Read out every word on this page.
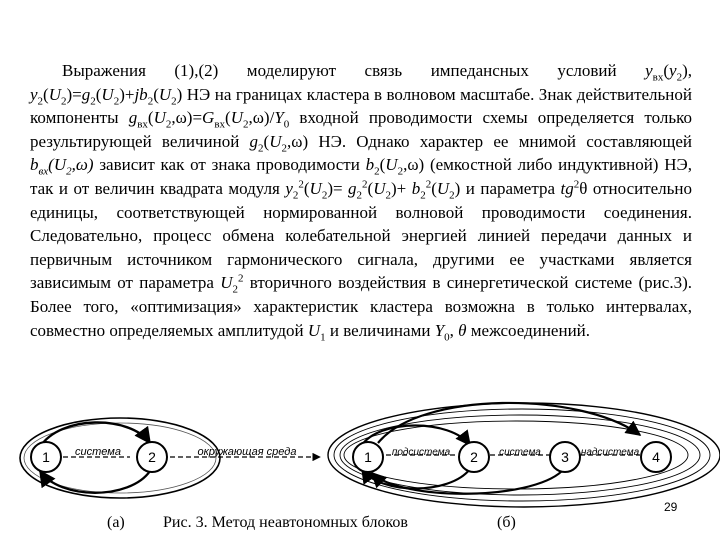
Выражения (1),(2) моделируют связь импедансных условий $y_{вх}(y_2)$, $y_2(U_2)=g_2(U_2)+jb_2(U_2)$ НЭ на границах кластера в волновом масштабе. Знак действительной компоненты $g_{вх}(U_2,\omega)=G_{вх}(U_2,\omega)/Y_0$ входной проводимости схемы определяется только результирующей величиной $g_2(U_2,\omega)$ НЭ. Однако характер ее мнимой составляющей $b_{вх}(U_2,\omega)$ зависит как от знака проводимости $b_2(U_2,\omega)$ (емкостной либо индуктивной) НЭ, так и от величин квадрата модуля $y_2^2(U_2)= g_2^2(U_2)+ b_2^2(U_2)$ и параметра $tg^2\theta$ относительно единицы, соответствующей нормированной волновой проводимости соединения. Следовательно, процесс обмена колебательной энергией линией передачи данных и первичным источником гармонического сигнала, другими ее участками является зависимым от параметра $U_2^2$ вторичного воздействия в синергетической системе (рис.3). Более того, «оптимизация» характеристик кластера возможна в только интервалах, совместно определяемых амплитудой $U_1$ и величинами $Y_0$, θ межсоединений.

1	2
система	окружающая среда	1	2	3	4
подсистема	система	надсистема
(а) Рис. 3. Метод неавтономных блоков	(б)
29
